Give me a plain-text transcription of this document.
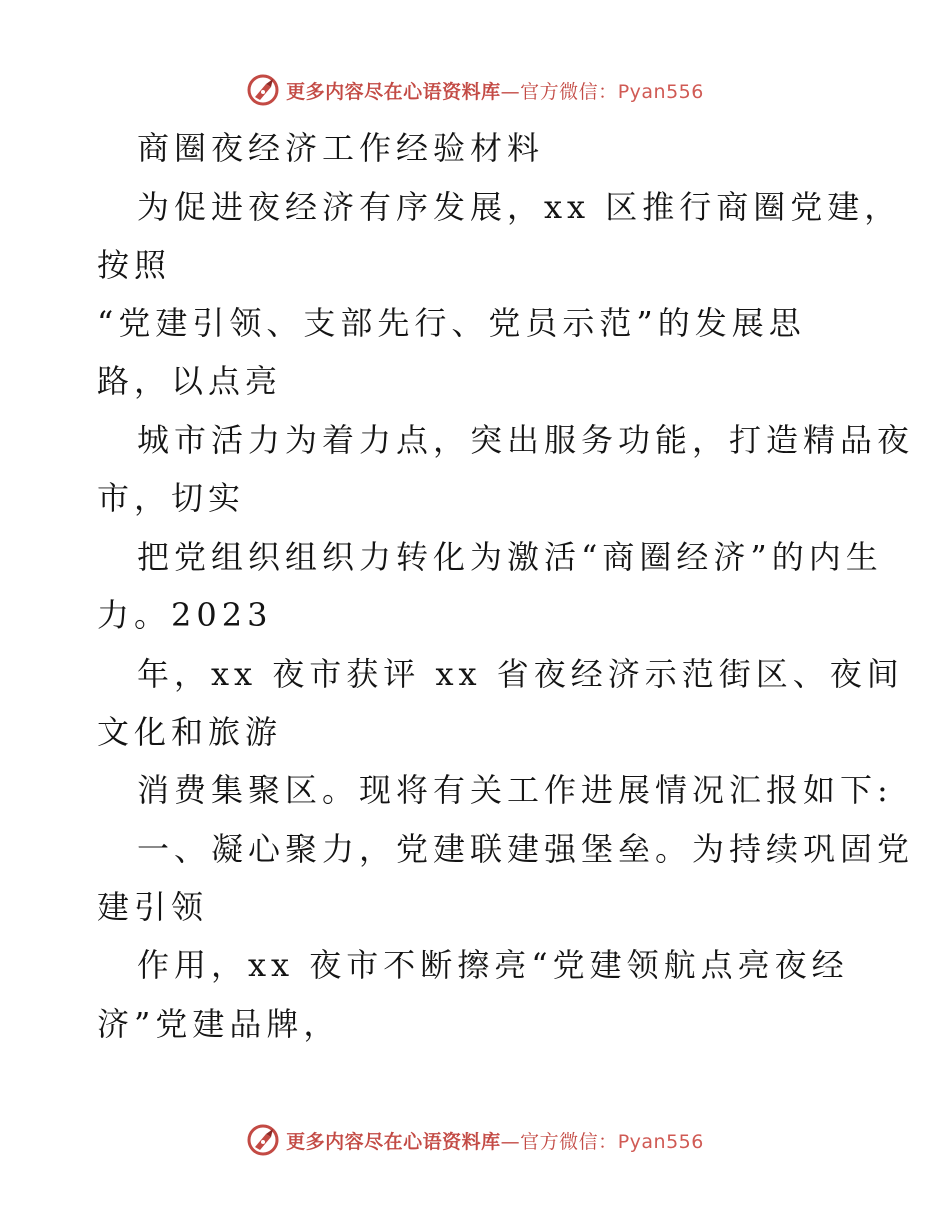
更多内容尽在心语资料库—官方微信：Pyan556
商圈夜经济工作经验材料
为促进夜经济有序发展，xx 区推行商圈党建，
按照
“党建引领、支部先行、党员示范”的发展思
路，以点亮
城市活力为着力点，突出服务功能，打造精品夜
市，切实
把党组织组织力转化为激活“商圈经济”的内生
力。2023
年，xx 夜市获评 xx 省夜经济示范街区、夜间
文化和旅游
消费集聚区。现将有关工作进展情况汇报如下:
一、凝心聚力，党建联建强堡垒。为持续巩固党
建引领
作用，xx 夜市不断擦亮“党建领航点亮夜经
济”党建品牌，
更多内容尽在心语资料库—官方微信：Pyan556
